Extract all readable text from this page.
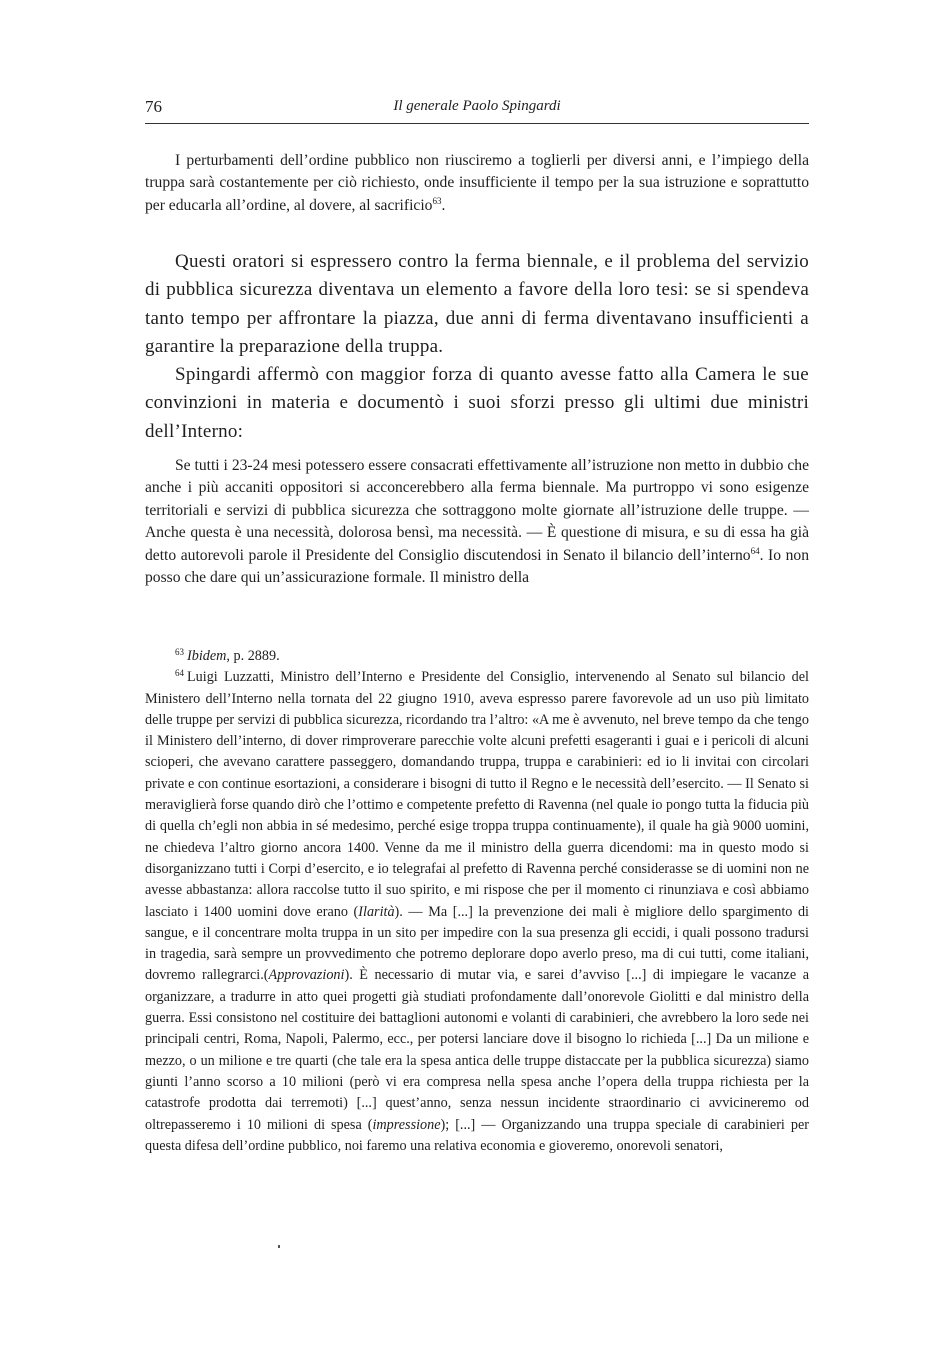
76	Il generale Paolo Spingardi

I perturbamenti dell’ordine pubblico non riusciremo a toglierli per diversi anni, e l’impiego della truppa sarà costantemente per ciò richiesto, onde insufficiente il tempo per la sua istruzione e soprattutto per educarla all’ordine, al dovere, al sacrificio$^{63}$.

Questi oratori si espressero contro la ferma biennale, e il problema del servizio di pubblica sicurezza diventava un elemento a favore della loro tesi: se si spendeva tanto tempo per affrontare la piazza, due anni di ferma diventavano insufficienti a garantire la preparazione della truppa.

Spingardi affermò con maggior forza di quanto avesse fatto alla Camera le sue convinzioni in materia e documentò i suoi sforzi presso gli ultimi due ministri dell’Interno:

Se tutti i 23-24 mesi potessero essere consacrati effettivamente all’istruzione non metto in dubbio che anche i più accaniti oppositori si acconcerebbero alla ferma biennale. Ma purtroppo vi sono esigenze territoriali e servizi di pubblica sicurezza che sottraggono molte giornate all’istruzione delle truppe. — Anche questa è una necessità, dolorosa bensì, ma necessità. — È questione di misura, e su di essa ha già detto autorevoli parole il Presidente del Consiglio discutendosi in Senato il bilancio dell’interno$^{64}$. Io non posso che dare qui un’assicurazione formale. Il ministro della

$^{63}$ Ibidem, p. 2889.

$^{64}$ Luigi Luzzatti, Ministro dell’Interno e Presidente del Consiglio, intervenendo al Senato sul bilancio del Ministero dell’Interno nella tornata del 22 giugno 1910, aveva espresso parere favorevole ad un uso più limitato delle truppe per servizi di pubblica sicurezza, ricordando tra l’altro: «A me è avvenuto, nel breve tempo da che tengo il Ministero dell’interno, di dover rimproverare parecchie volte alcuni prefetti esageranti i guai e i pericoli di alcuni scioperi, che avevano carattere passeggero, domandando truppa, truppa e carabinieri: ed io li invitai con circolari private e con continue esortazioni, a considerare i bisogni di tutto il Regno e le necessità dell’esercito. — Il Senato si meraviglierà forse quando dirò che l’ottimo e competente prefetto di Ravenna (nel quale io pongo tutta la fiducia più di quella ch’egli non abbia in sé medesimo, perché esige troppa truppa continuamente), il quale ha già 9000 uomini, ne chiedeva l’altro giorno ancora 1400. Venne da me il ministro della guerra dicendomi: ma in questo modo si disorganizzano tutti i Corpi d’esercito, e io telegrafai al prefetto di Ravenna perché considerasse se di uomini non ne avesse abbastanza: allora raccolse tutto il suo spirito, e mi rispose che per il momento ci rinunziava e così abbiamo lasciato i 1400 uomini dove erano (Ilarità). — Ma [...] la prevenzione dei mali è migliore dello spargimento di sangue, e il concentrare molta truppa in un sito per impedire con la sua presenza gli eccidi, i quali possono tradursi in tragedia, sarà sempre un provvedimento che potremo deplorare dopo averlo preso, ma di cui tutti, come italiani, dovremo rallegrarci.(Approvazioni). È necessario di mutar via, e sarei d’avviso [...] di impiegare le vacanze a organizzare, a tradurre in atto quei progetti già studiati profondamente dall’onorevole Giolitti e dal ministro della guerra. Essi consistono nel costituire dei battaglioni autonomi e volanti di carabinieri, che avrebbero la loro sede nei principali centri, Roma, Napoli, Palermo, ecc., per potersi lanciare dove il bisogno lo richieda [...] Da un milione e mezzo, o un milione e tre quarti (che tale era la spesa antica delle truppe distaccate per la pubblica sicurezza) siamo giunti l’anno scorso a 10 milioni (però vi era compresa nella spesa anche l’opera della truppa richiesta per la catastrofe prodotta dai terremoti) [...] quest’anno, senza nessun incidente straordinario ci avvicineremo od oltrepasseremo i 10 milioni di spesa (impressione); [...] — Organizzando una truppa speciale di carabinieri per questa difesa dell’ordine pubblico, noi faremo una relativa economia e gioveremo, onorevoli senatori,
